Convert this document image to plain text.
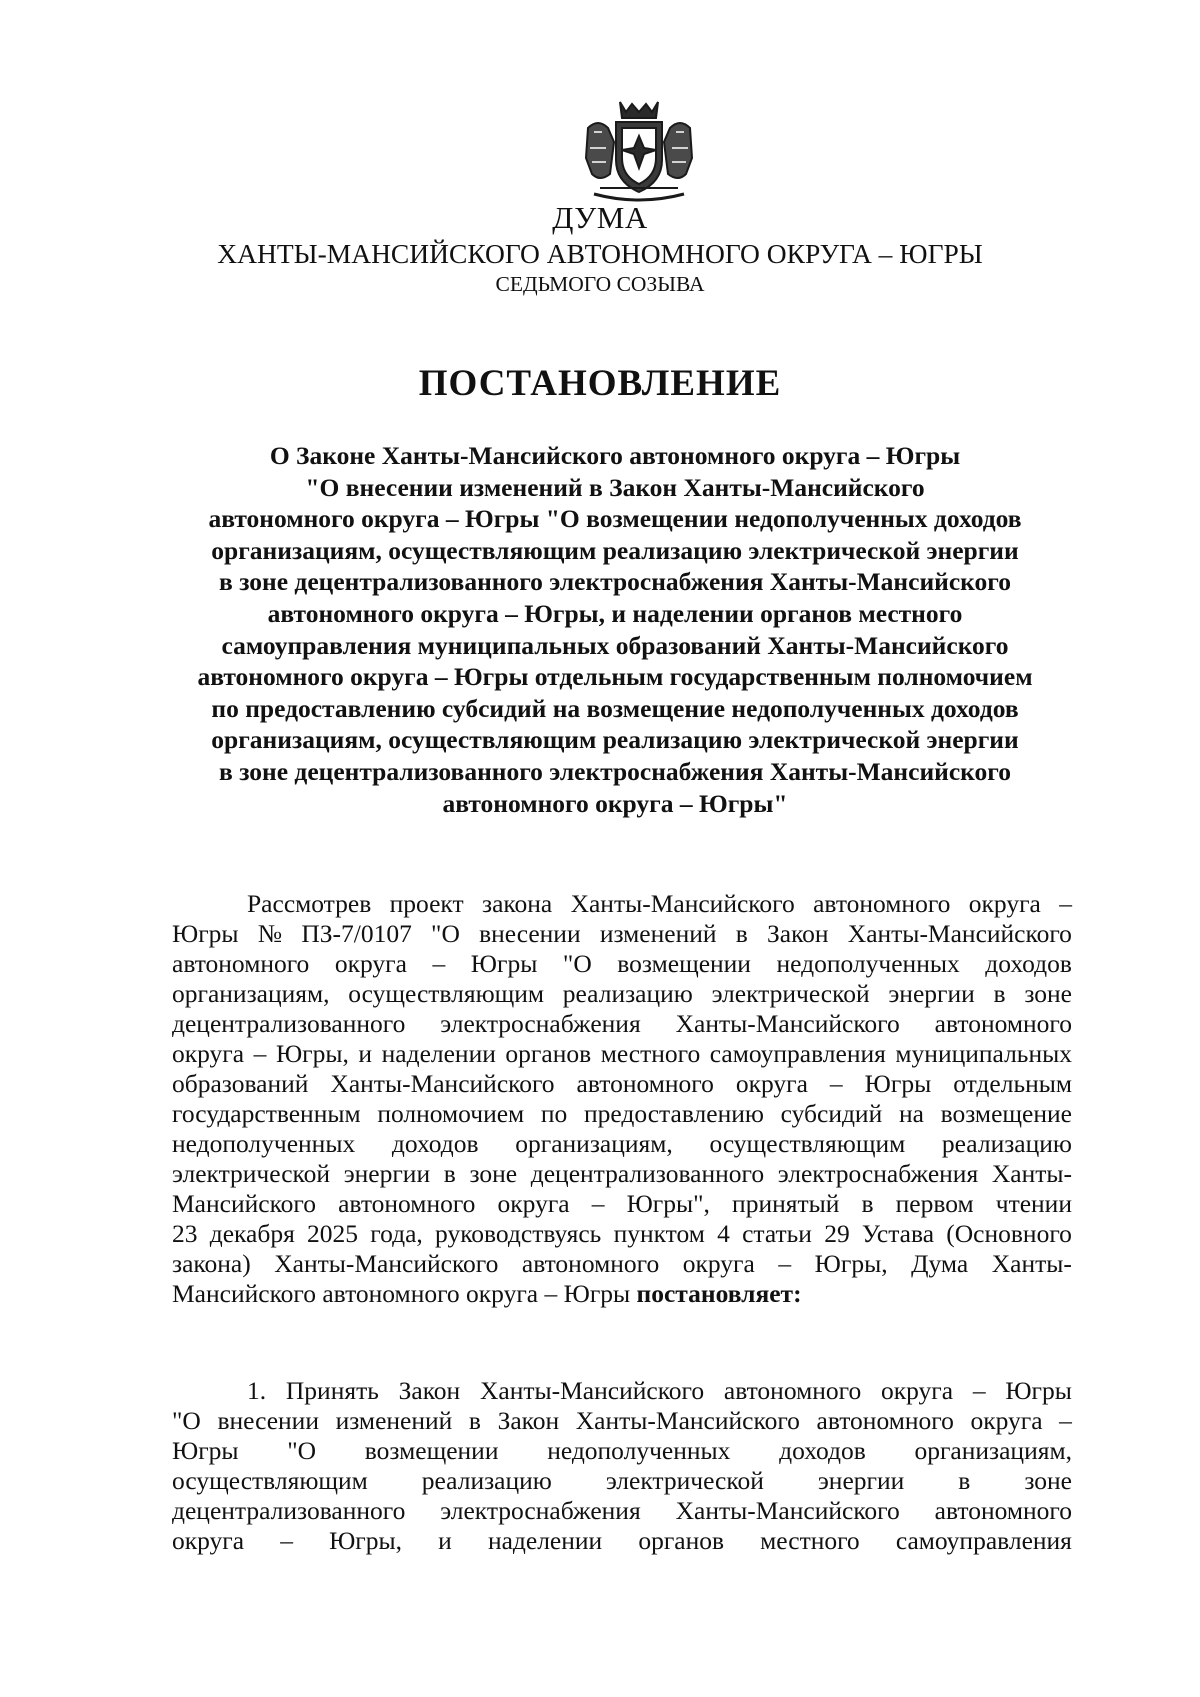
ДУМА
ХАНТЫ-МАНСИЙСКОГО АВТОНОМНОГО ОКРУГА – ЮГРЫ
СЕДЬМОГО СОЗЫВА
ПОСТАНОВЛЕНИЕ
О Законе Ханты-Мансийского автономного округа – Югры
"О внесении изменений в Закон Ханты-Мансийского
автономного округа – Югры "О возмещении недополученных доходов
организациям, осуществляющим реализацию электрической энергии
в зоне децентрализованного электроснабжения Ханты-Мансийского
автономного округа – Югры, и наделении органов местного
самоуправления муниципальных образований Ханты-Мансийского
автономного округа – Югры отдельным государственным полномочием
по предоставлению субсидий на возмещение недополученных доходов
организациям, осуществляющим реализацию электрической энергии
в зоне децентрализованного электроснабжения Ханты-Мансийского
автономного округа – Югры"
Рассмотрев проект закона Ханты-Мансийского автономного округа –
Югры № ПЗ-7/0107 "О внесении изменений в Закон Ханты-Мансийского
автономного округа – Югры "О возмещении недополученных доходов
организациям, осуществляющим реализацию электрической энергии в зоне
децентрализованного электроснабжения Ханты-Мансийского автономного
округа – Югры, и наделении органов местного самоуправления муниципальных
образований Ханты-Мансийского автономного округа – Югры отдельным
государственным полномочием по предоставлению субсидий на возмещение
недополученных доходов организациям, осуществляющим реализацию
электрической энергии в зоне децентрализованного электроснабжения Ханты-
Мансийского автономного округа – Югры", принятый в первом чтении
23 декабря 2025 года, руководствуясь пунктом 4 статьи 29 Устава (Основного
закона) Ханты-Мансийского автономного округа – Югры, Дума Ханты-
Мансийского автономного округа – Югры постановляет:
1. Принять Закон Ханты-Мансийского автономного округа – Югры
"О внесении изменений в Закон Ханты-Мансийского автономного округа –
Югры "О возмещении недополученных доходов организациям,
осуществляющим реализацию электрической энергии в зоне
децентрализованного электроснабжения Ханты-Мансийского автономного
округа – Югры, и наделении органов местного самоуправления
